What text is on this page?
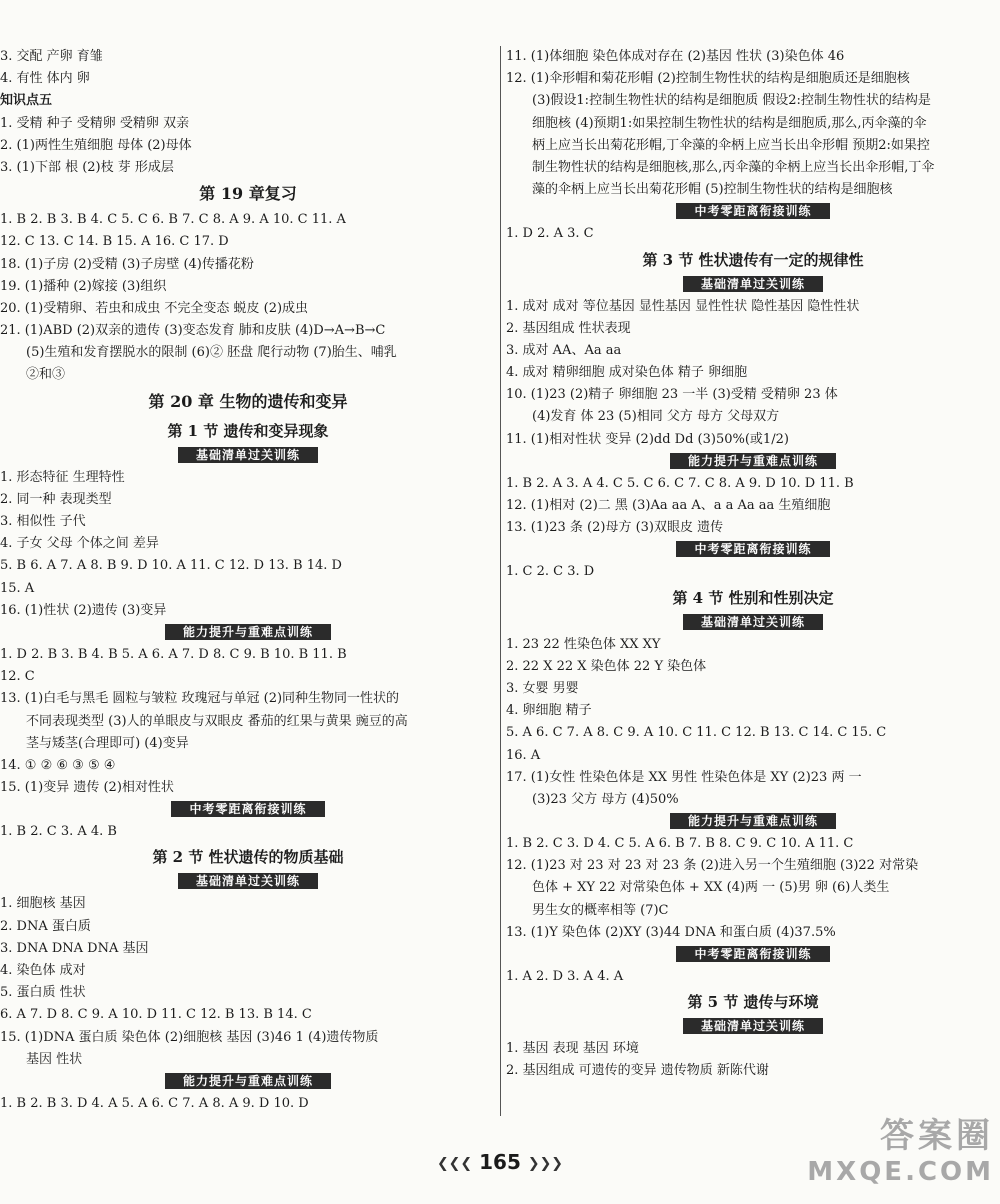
3. 交配 产卵 育雏
4. 有性 体内 卵
知识点五
1. 受精 种子 受精卵 受精卵 双亲
2. (1)两性生殖细胞 母体 (2)母体
3. (1)下部 根 (2)枝 芽 形成层
第 19 章复习
1. B 2. B 3. B 4. C 5. C 6. B 7. C 8. A 9. A 10. C 11. A
12. C 13. C 14. B 15. A 16. C 17. D
18. (1)子房 (2)受精 (3)子房壁 (4)传播花粉
19. (1)播种 (2)嫁接 (3)组织
20. (1)受精卵、若虫和成虫 不完全变态 蜕皮 (2)成虫
21. (1)ABD (2)双亲的遗传 (3)变态发育 肺和皮肤 (4)D→A→B→C
(5)生殖和发育摆脱水的限制 (6)② 胚盘 爬行动物 (7)胎生、哺乳
②和③
第 20 章 生物的遗传和变异
第 1 节 遗传和变异现象
基础清单过关训练
1. 形态特征 生理特性
2. 同一种 表现类型
3. 相似性 子代
4. 子女 父母 个体之间 差异
5. B 6. A 7. A 8. B 9. D 10. A 11. C 12. D 13. B 14. D
15. A
16. (1)性状 (2)遗传 (3)变异
能力提升与重难点训练
1. D 2. B 3. B 4. B 5. A 6. A 7. D 8. C 9. B 10. B 11. B
12. C
13. (1)白毛与黑毛 圆粒与皱粒 玫瑰冠与单冠 (2)同种生物同一性状的
不同表现类型 (3)人的单眼皮与双眼皮 番茄的红果与黄果 豌豆的高
茎与矮茎(合理即可) (4)变异
14. ① ② ⑥ ③ ⑤ ④
15. (1)变异 遗传 (2)相对性状
中考零距离衔接训练
1. B 2. C 3. A 4. B
第 2 节 性状遗传的物质基础
基础清单过关训练
1. 细胞核 基因
2. DNA 蛋白质
3. DNA DNA DNA 基因
4. 染色体 成对
5. 蛋白质 性状
6. A 7. D 8. C 9. A 10. D 11. C 12. B 13. B 14. C
15. (1)DNA 蛋白质 染色体 (2)细胞核 基因 (3)46 1 (4)遗传物质
基因 性状
能力提升与重难点训练
1. B 2. B 3. D 4. A 5. A 6. C 7. A 8. A 9. D 10. D
11. (1)体细胞 染色体成对存在 (2)基因 性状 (3)染色体 46
12. (1)伞形帽和菊花形帽 (2)控制生物性状的结构是细胞质还是细胞核
(3)假设1:控制生物性状的结构是细胞质 假设2:控制生物性状的结构是
细胞核 (4)预期1:如果控制生物性状的结构是细胞质,那么,丙伞藻的伞
柄上应当长出菊花形帽,丁伞藻的伞柄上应当长出伞形帽 预期2:如果控
制生物性状的结构是细胞核,那么,丙伞藻的伞柄上应当长出伞形帽,丁伞
藻的伞柄上应当长出菊花形帽 (5)控制生物性状的结构是细胞核
中考零距离衔接训练
1. D 2. A 3. C
第 3 节 性状遗传有一定的规律性
基础清单过关训练
1. 成对 成对 等位基因 显性基因 显性性状 隐性基因 隐性性状
2. 基因组成 性状表现
3. 成对 AA、Aa aa
4. 成对 精卵细胞 成对染色体 精子 卵细胞
10. (1)23 (2)精子 卵细胞 23 一半 (3)受精 受精卵 23 体
(4)发育 体 23 (5)相同 父方 母方 父母双方
11. (1)相对性状 变异 (2)dd Dd (3)50%(或1/2)
能力提升与重难点训练
1. B 2. A 3. A 4. C 5. C 6. C 7. C 8. A 9. D 10. D 11. B
12. (1)相对 (2)二 黑 (3)Aa aa A、a a Aa aa 生殖细胞
13. (1)23 条 (2)母方 (3)双眼皮 遗传
中考零距离衔接训练
1. C 2. C 3. D
第 4 节 性别和性别决定
基础清单过关训练
1. 23 22 性染色体 XX XY
2. 22 X 22 X 染色体 22 Y 染色体
3. 女婴 男婴
4. 卵细胞 精子
5. A 6. C 7. A 8. C 9. A 10. C 11. C 12. B 13. C 14. C 15. C
16. A
17. (1)女性 性染色体是 XX 男性 性染色体是 XY (2)23 两 一
(3)23 父方 母方 (4)50%
能力提升与重难点训练
1. B 2. C 3. D 4. C 5. A 6. B 7. B 8. C 9. C 10. A 11. C
12. (1)23 对 23 对 23 对 23 条 (2)进入另一个生殖细胞 (3)22 对常染
色体 + XY 22 对常染色体 + XX (4)两 一 (5)男 卵 (6)人类生
男生女的概率相等 (7)C
13. (1)Y 染色体 (2)XY (3)44 DNA 和蛋白质 (4)37.5%
中考零距离衔接训练
1. A 2. D 3. A 4. A
第 5 节 遗传与环境
基础清单过关训练
1. 基因 表现 基因 环境
2. 基因组成 可遗传的变异 遗传物质 新陈代谢
❮❮❮ 165 ❯❯❯
答案圈
MXQE.COM
